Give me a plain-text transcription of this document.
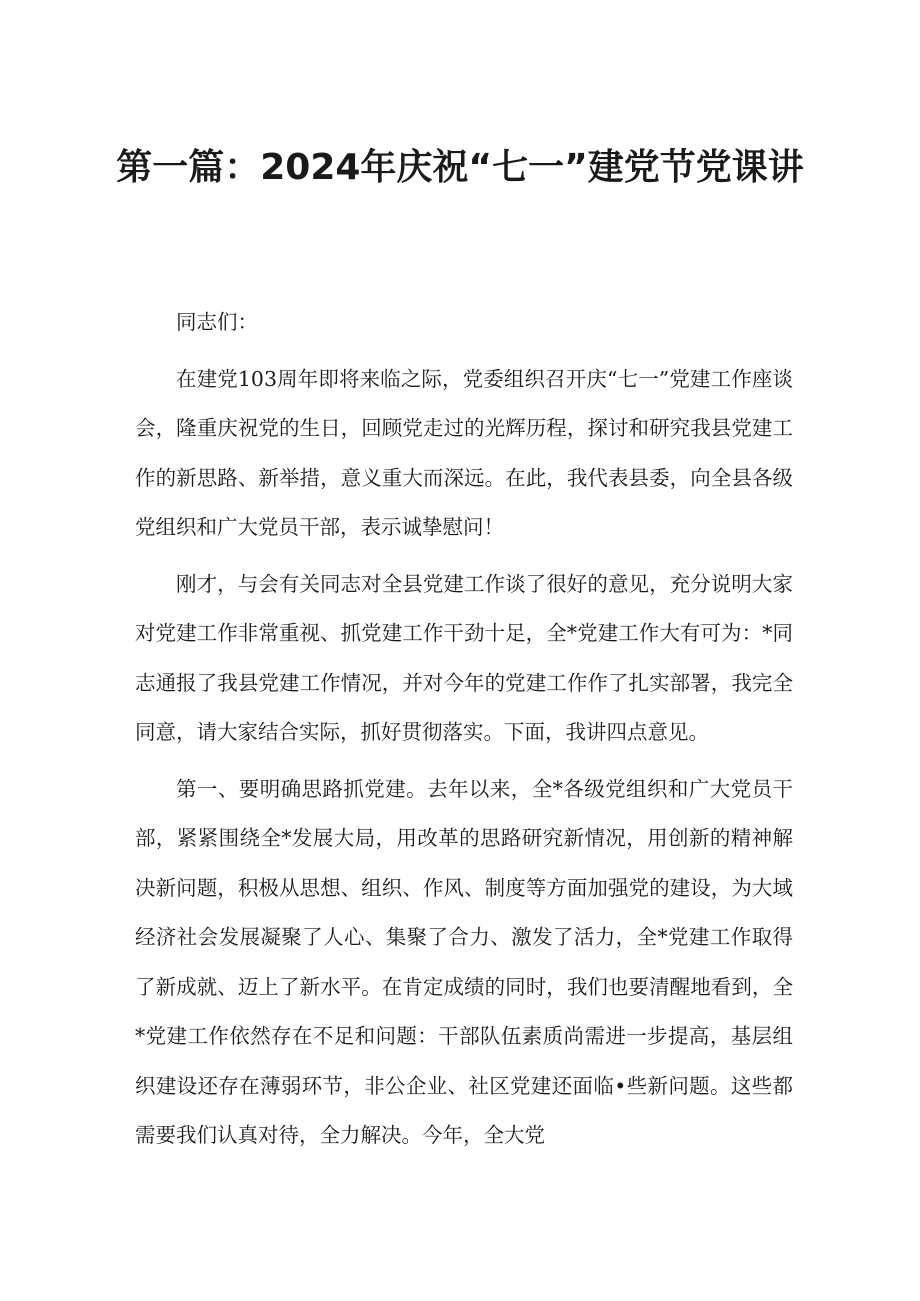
第一篇：2024年庆祝“七一”建党节党课讲

同志们：

在建党103周年即将来临之际，党委组织召开庆“七一”党建工作座谈会，隆重庆祝党的生日，回顾党走过的光辉历程，探讨和研究我县党建工作的新思路、新举措，意义重大而深远。在此，我代表县委，向全县各级党组织和广大党员干部，表示诚挚慰问！

刚才，与会有关同志对全县党建工作谈了很好的意见，充分说明大家对党建工作非常重视、抓党建工作干劲十足，全*党建工作大有可为：*同志通报了我县党建工作情况，并对今年的党建工作作了扎实部署，我完全同意，请大家结合实际，抓好贯彻落实。下面，我讲四点意见。

第一、要明确思路抓党建。去年以来，全*各级党组织和广大党员干部，紧紧围绕全*发展大局，用改革的思路研究新情况，用创新的精神解决新问题，积极从思想、组织、作风、制度等方面加强党的建设，为大域经济社会发展凝聚了人心、集聚了合力、激发了活力，全*党建工作取得了新成就、迈上了新水平。在肯定成绩的同时，我们也要清醒地看到，全*党建工作依然存在不足和问题：干部队伍素质尚需进一步提高，基层组织建设还存在薄弱环节，非公企业、社区党建还面临•些新问题。这些都需要我们认真对待，全力解决。今年，全大党
